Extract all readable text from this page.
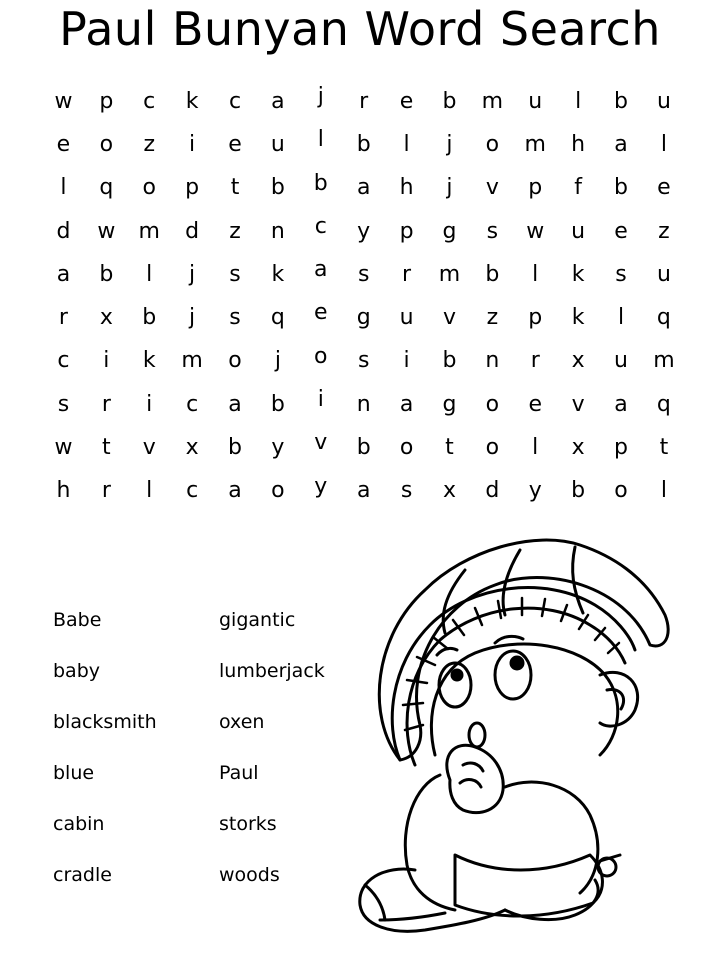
Paul Bunyan Word Search
w	p	c	k	c	a	j	r	e	b	m	u	l	b	u
e	o	z	i	e	u	l	b	l	j	o	m	h	a	l
l	q	o	p	t	b	b	a	h	j	v	p	f	b	e
d	w	m	d	z	n	c	y	p	g	s	w	u	e	z
a	b	l	j	s	k	a	s	r	m	b	l	k	s	u
r	x	b	j	s	q	e	g	u	v	z	p	k	l	q
c	i	k	m	o	j	o	s	i	b	n	r	x	u	m
s	r	i	c	a	b	i	n	a	g	o	e	v	a	q
w	t	v	x	b	y	v	b	o	t	o	l	x	p	t
h	r	l	c	a	o	y	a	s	x	d	y	b	o	l
Babe	gigantic
baby	lumberjack
blacksmith	oxen
blue	Paul
cabin	storks
cradle	woods
